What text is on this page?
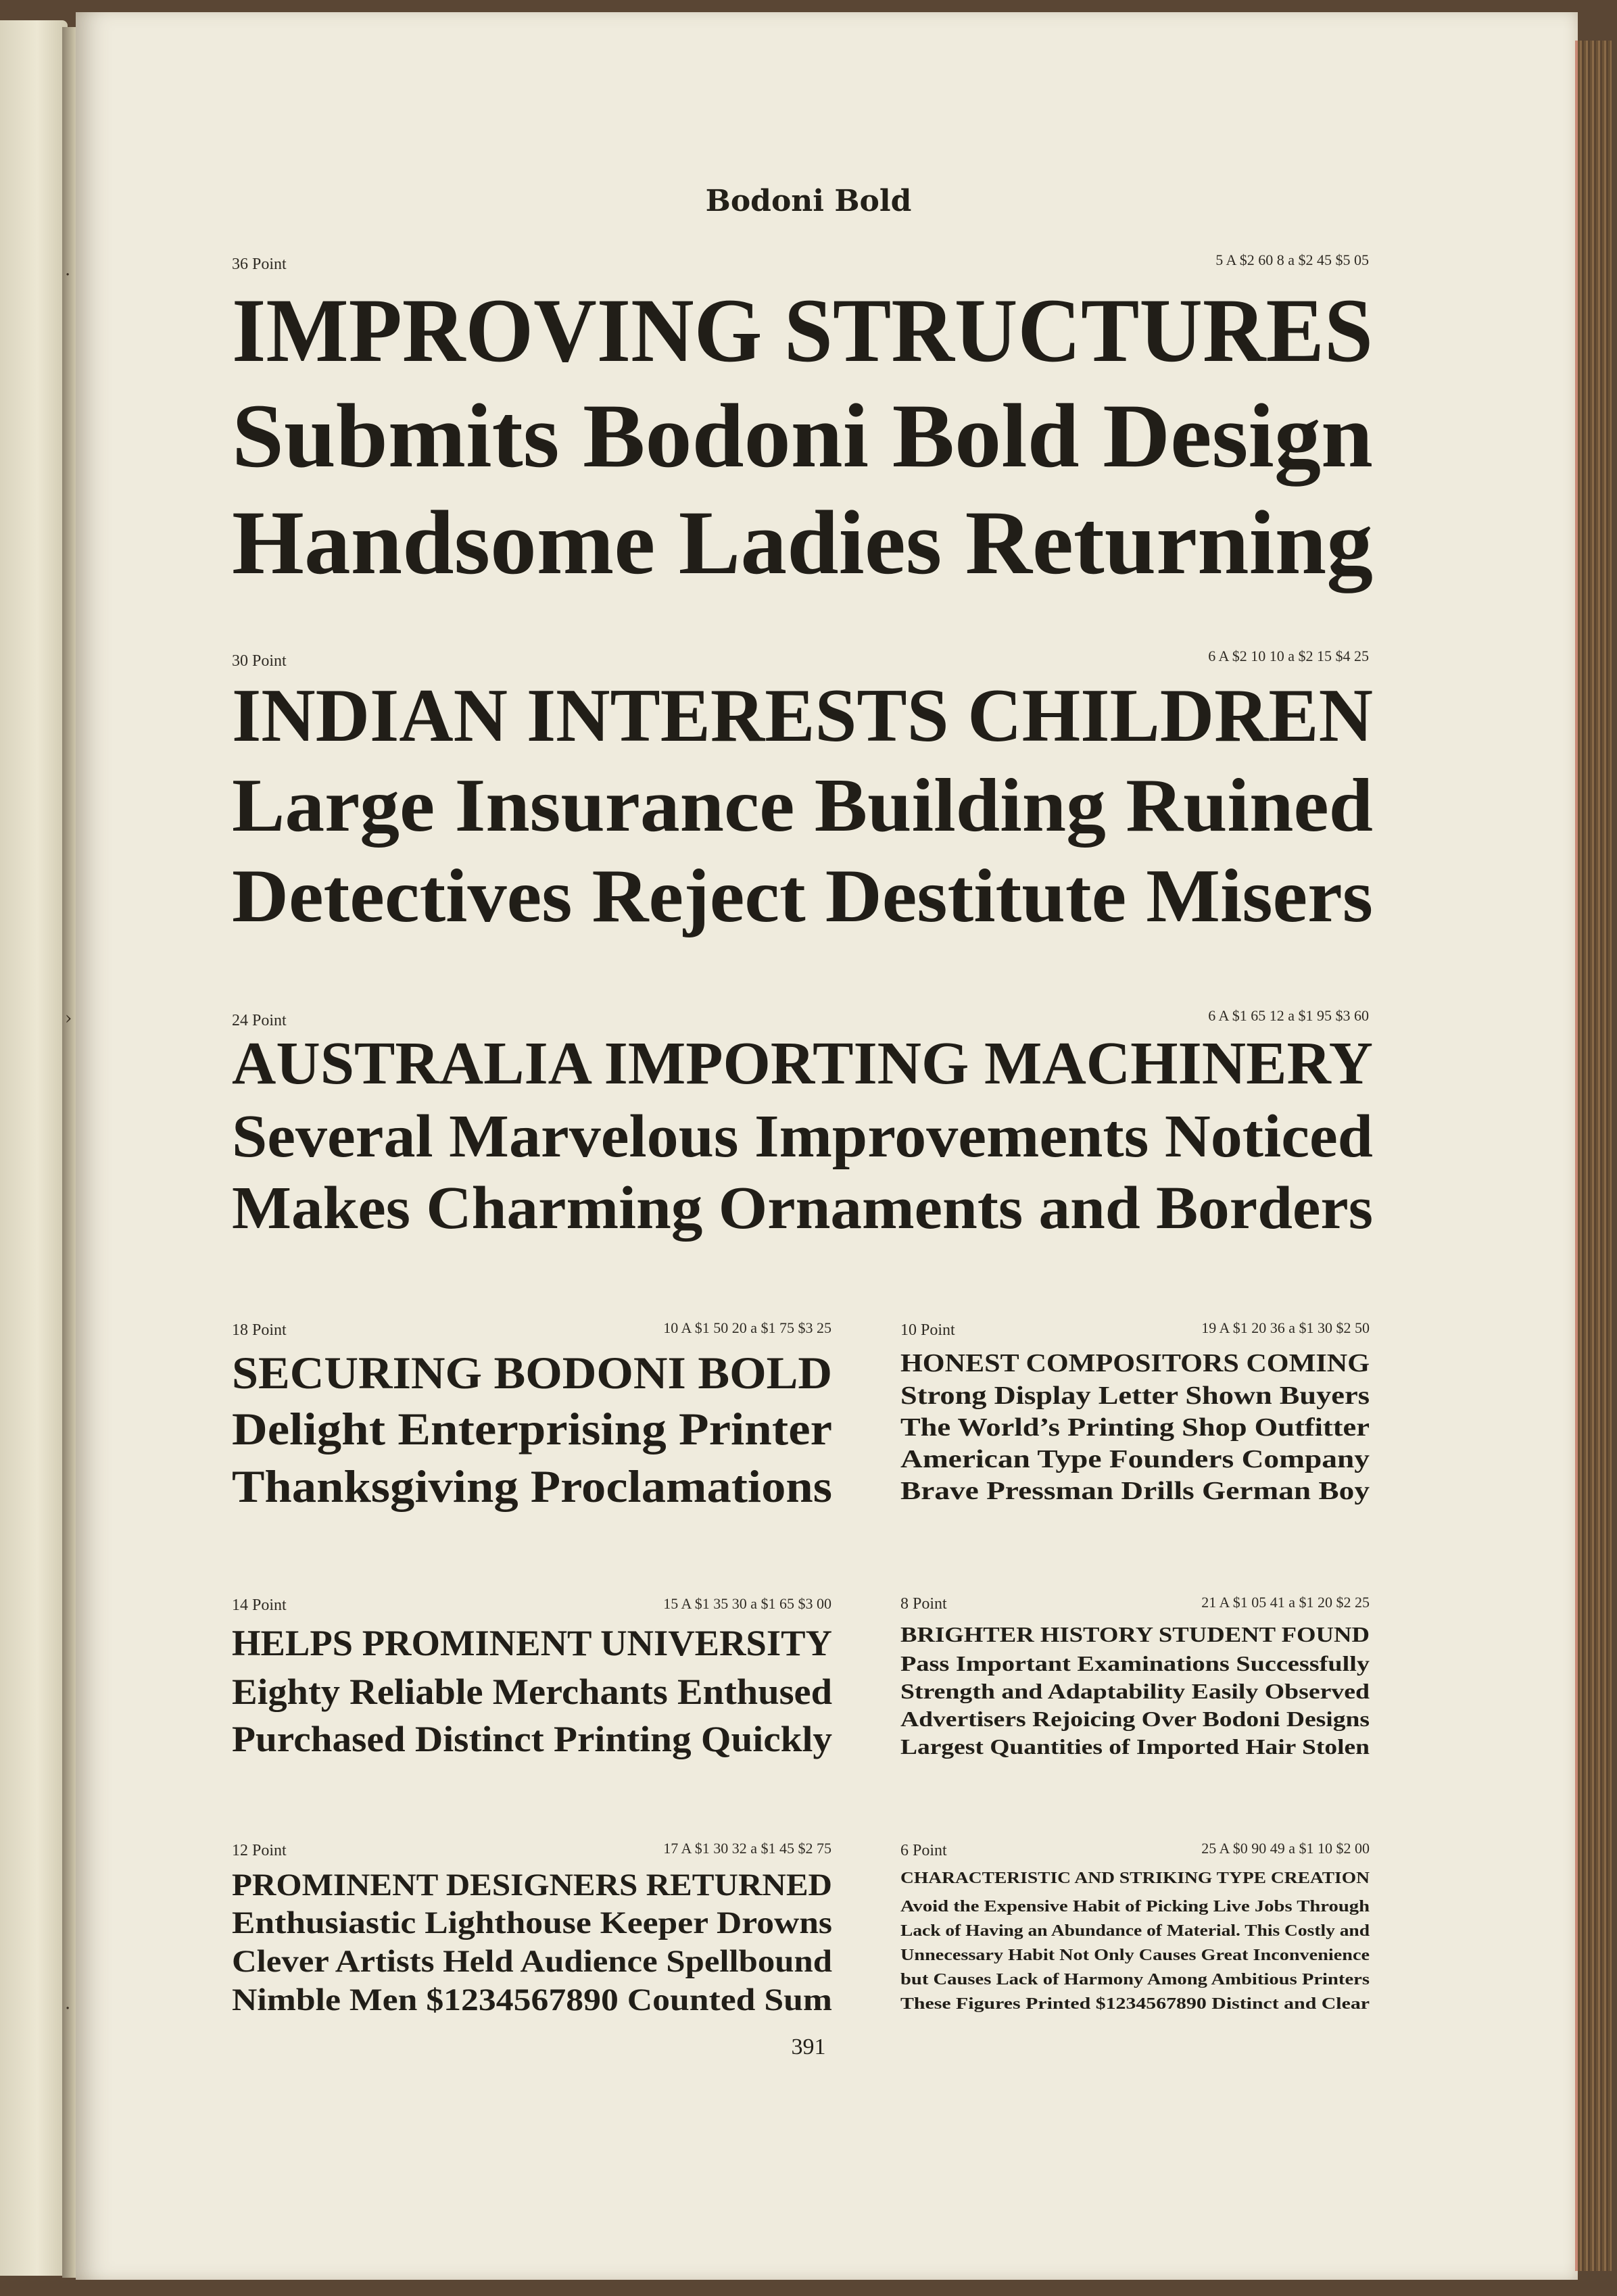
·
›
·
Bodoni Bold
36 Point	5 A $2 60 8 a $2 45 $5 05
IMPROVING STRUCTURES
Submits Bodoni Bold Design
Handsome Ladies Returning
30 Point	6 A $2 10 10 a $2 15 $4 25
INDIAN INTERESTS CHILDREN
Large Insurance Building Ruined
Detectives Reject Destitute Misers
24 Point	6 A $1 65 12 a $1 95 $3 60
AUSTRALIA IMPORTING MACHINERY
Several Marvelous Improvements Noticed
Makes Charming Ornaments and Borders
18 Point	10 A $1 50 20 a $1 75 $3 25
SECURING BODONI BOLD
Delight Enterprising Printer
Thanksgiving Proclamations
10 Point	19 A $1 20 36 a $1 30 $2 50
HONEST COMPOSITORS COMING
Strong Display Letter Shown Buyers
The World’s Printing Shop Outfitter
American Type Founders Company
Brave Pressman Drills German Boy
14 Point	15 A $1 35 30 a $1 65 $3 00
HELPS PROMINENT UNIVERSITY
Eighty Reliable Merchants Enthused
Purchased Distinct Printing Quickly
8 Point	21 A $1 05 41 a $1 20 $2 25
BRIGHTER HISTORY STUDENT FOUND
Pass Important Examinations Successfully
Strength and Adaptability Easily Observed
Advertisers Rejoicing Over Bodoni Designs
Largest Quantities of Imported Hair Stolen
12 Point	17 A $1 30 32 a $1 45 $2 75
PROMINENT DESIGNERS RETURNED
Enthusiastic Lighthouse Keeper Drowns
Clever Artists Held Audience Spellbound
Nimble Men $1234567890 Counted Sum
6 Point	25 A $0 90 49 a $1 10 $2 00
CHARACTERISTIC AND STRIKING TYPE CREATION
Avoid the Expensive Habit of Picking Live Jobs Through
Lack of Having an Abundance of Material. This Costly and
Unnecessary Habit Not Only Causes Great Inconvenience
but Causes Lack of Harmony Among Ambitious Printers
These Figures Printed $1234567890 Distinct and Clear
391
